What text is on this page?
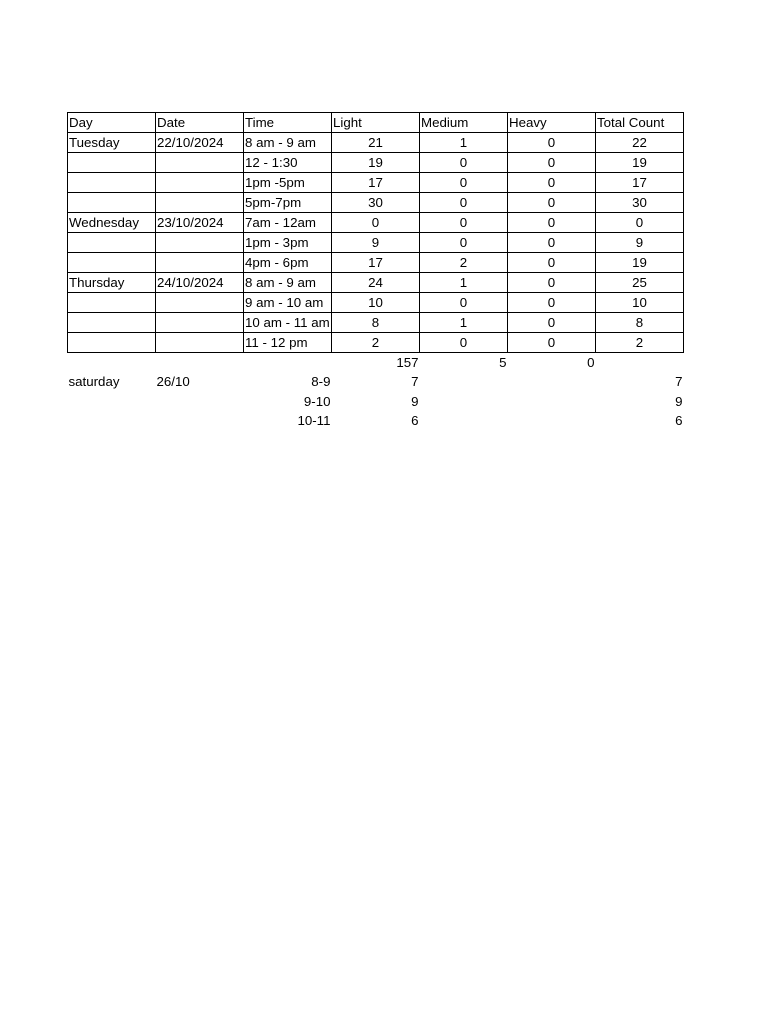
Day	Date	Time	Light	Medium	Heavy	Total Count
Tuesday	22/10/2024	8 am - 9 am	21	1	0	22
		12 - 1:30	19	0	0	19
		1pm -5pm	17	0	0	17
		5pm-7pm	30	0	0	30
Wednesday	23/10/2024	7am - 12am	0	0	0	0
		1pm - 3pm	9	0	0	9
		4pm - 6pm	17	2	0	19
Thursday	24/10/2024	8 am - 9 am	24	1	0	25
		9 am - 10 am	10	0	0	10
		10 am - 11 am	8	1	0	8
		11 - 12 pm	2	0	0	2
			157	5	0	
saturday	26/10	8-9	7			7
		9-10	9			9
		10-11	6			6
